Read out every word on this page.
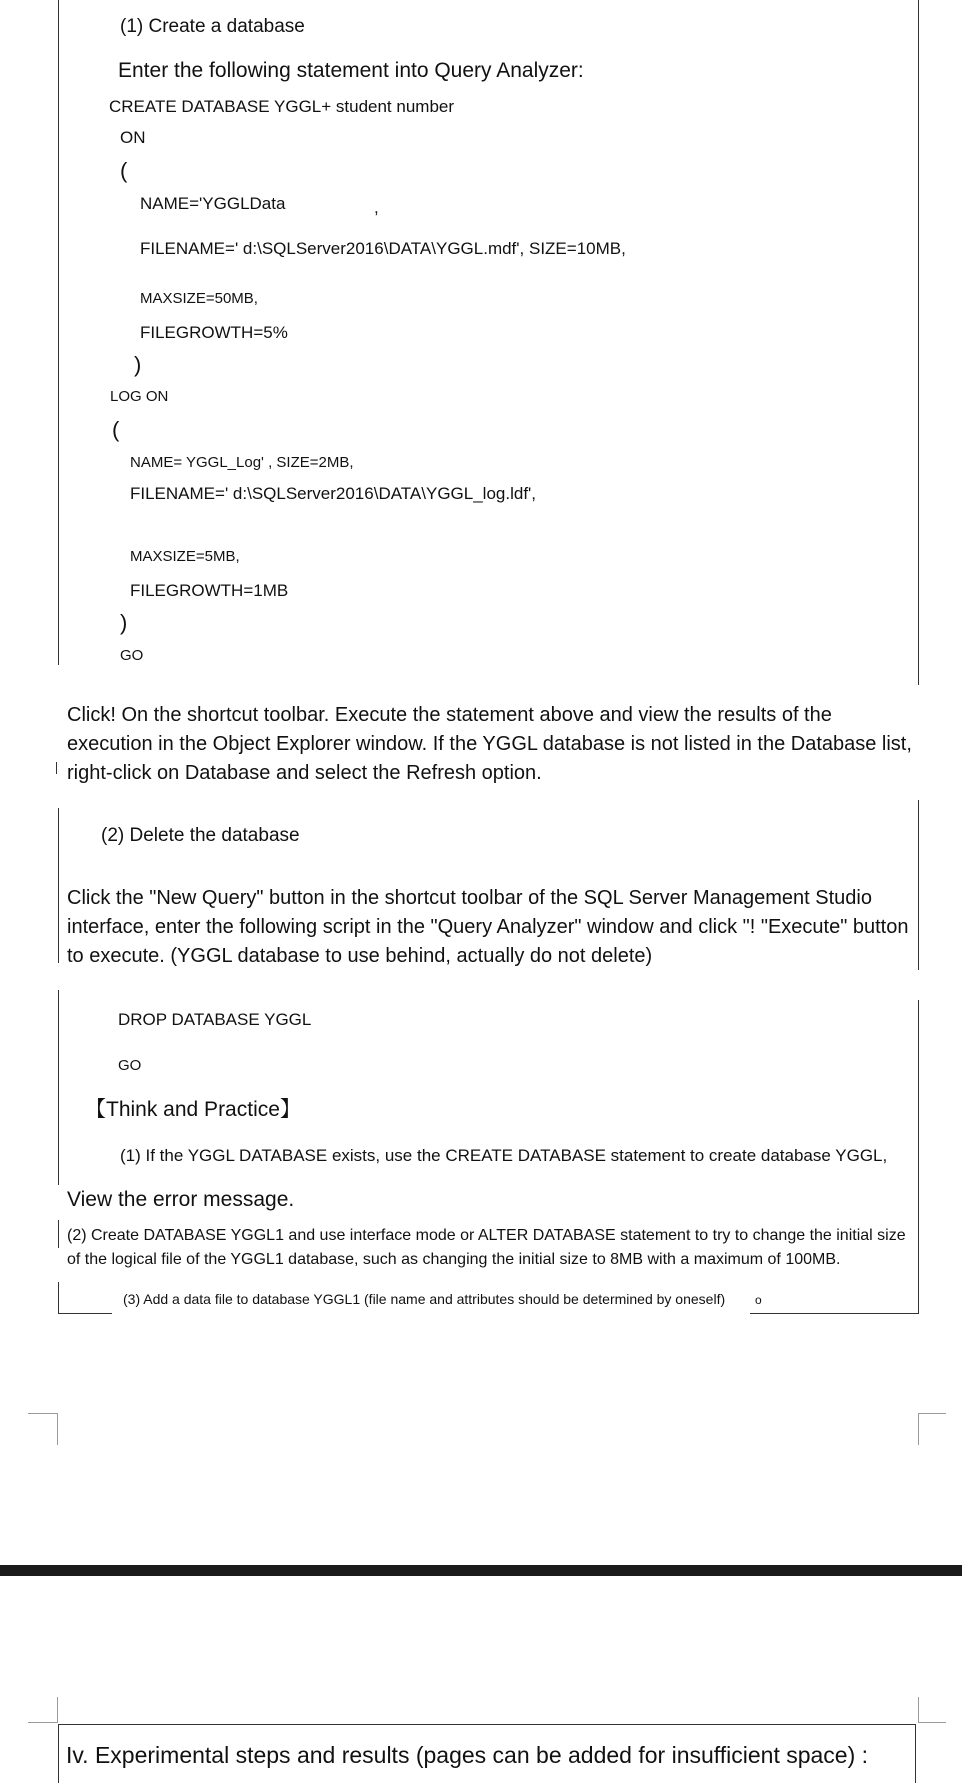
(1) Create a database
Enter the following statement into Query Analyzer:
CREATE DATABASE YGGL+ student number
ON
(
NAME='YGGLData	,
FILENAME=' d:\SQLServer2016\DATA\YGGL.mdf', SIZE=10MB,
MAXSIZE=50MB,
FILEGROWTH=5%
)
LOG ON
(
NAME= YGGL_Log' , SIZE=2MB,
FILENAME=' d:\SQLServer2016\DATA\YGGL_log.ldf',
MAXSIZE=5MB,
FILEGROWTH=1MB
)
GO
Click! On the shortcut toolbar. Execute the statement above and view the results of the execution in the Object Explorer window. If the YGGL database is not listed in the Database list, right-click on Database and select the Refresh option.
(2) Delete the database
Click the "New Query" button in the shortcut toolbar of the SQL Server Management Studio interface, enter the following script in the "Query Analyzer" window and click "! "Execute" button to execute. (YGGL database to use behind, actually do not delete)
DROP DATABASE YGGL
GO
【Think and Practice】
(1) If the YGGL DATABASE exists, use the CREATE DATABASE statement to create database YGGL,
View the error message.
(2) Create DATABASE YGGL1 and use interface mode or ALTER DATABASE statement to try to change the initial size of the logical file of the YGGL1 database, such as changing the initial size to 8MB with a maximum of 100MB.
(3) Add a data file to database YGGL1 (file name and attributes should be determined by oneself) o
Iv. Experimental steps and results (pages can be added for insufficient space) :
